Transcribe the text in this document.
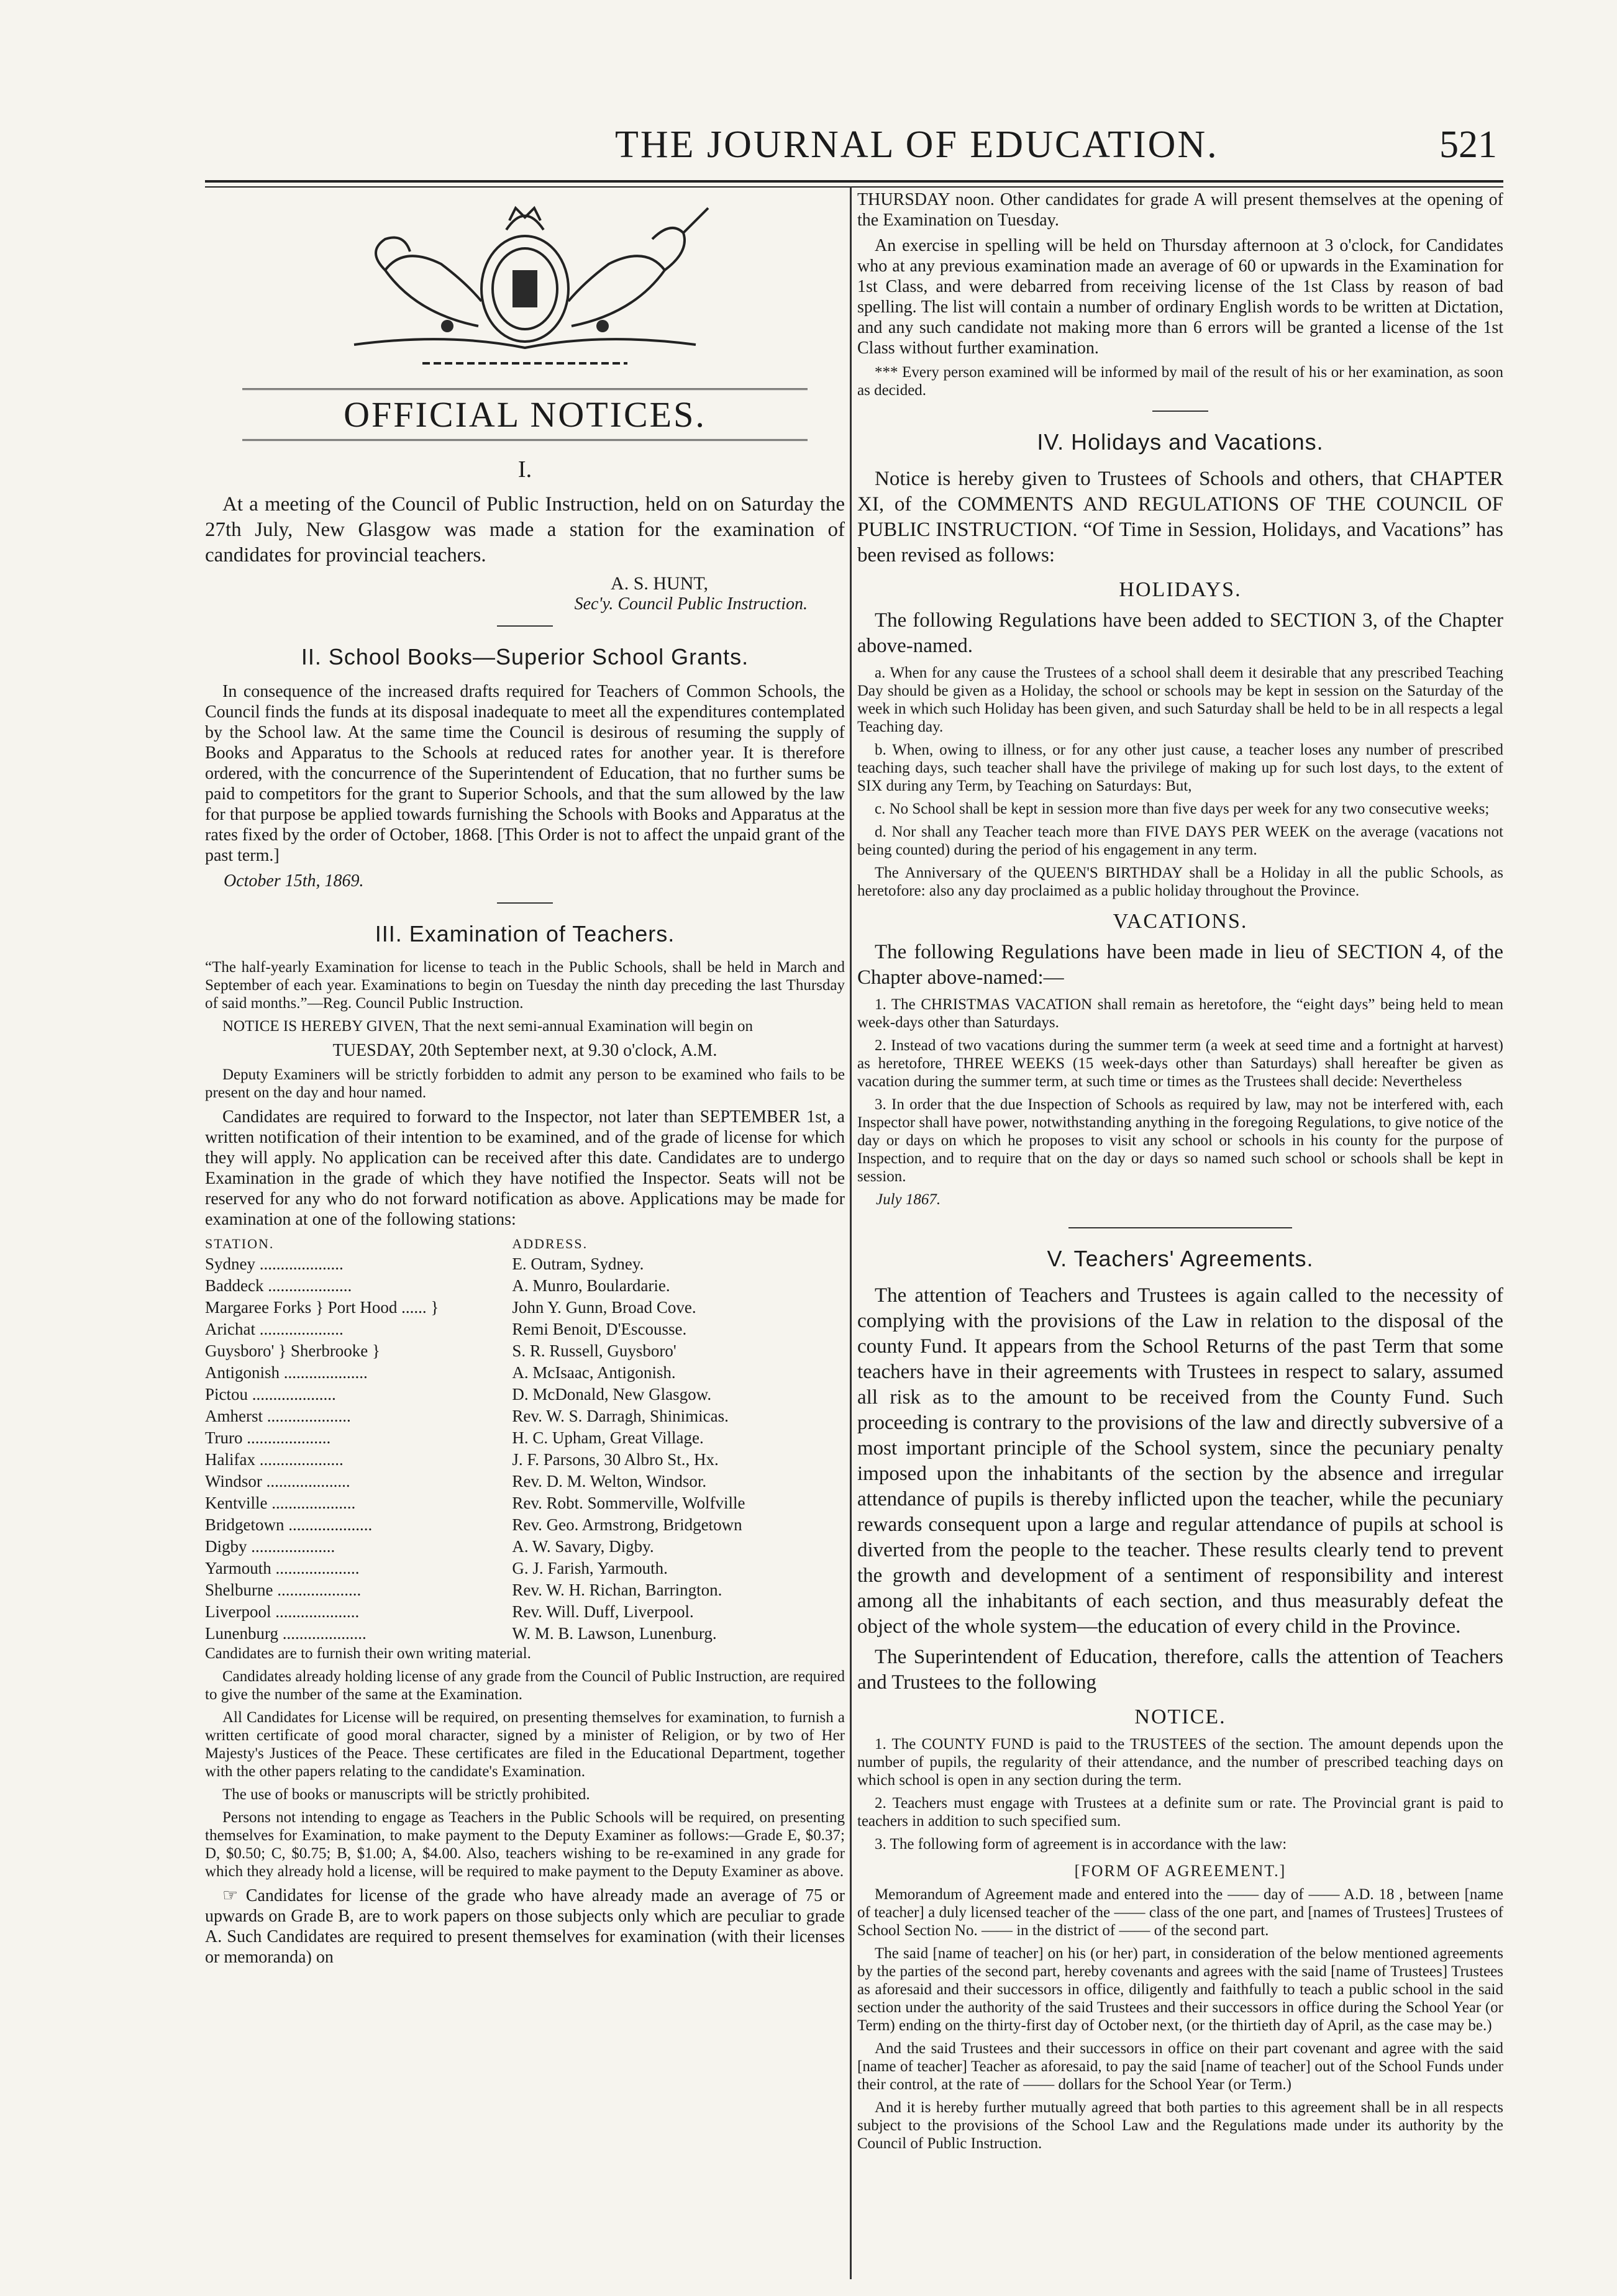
THE JOURNAL OF EDUCATION.	521
OFFICIAL NOTICES.
I.

At a meeting of the Council of Public Instruction, held on on Saturday the 27th July, New Glasgow was made a station for the examination of candidates for provincial teachers.

A. S. HUNT,
Sec'y. Council Public Instruction.
II. School Books—Superior School Grants.

In consequence of the increased drafts required for Teachers of Common Schools, the Council finds the funds at its disposal inadequate to meet all the expenditures contemplated by the School law. At the same time the Council is desirous of resuming the supply of Books and Apparatus to the Schools at reduced rates for another year. It is therefore ordered, with the concurrence of the Superintendent of Education, that no further sums be paid to competitors for the grant to Superior Schools, and that the sum allowed by the law for that purpose be applied towards furnishing the Schools with Books and Apparatus at the rates fixed by the order of October, 1868. [This Order is not to affect the unpaid grant of the past term.]

October 15th, 1869.
III. Examination of Teachers.

“The half-yearly Examination for license to teach in the Public Schools, shall be held in March and September of each year. Examinations to begin on Tuesday the ninth day preceding the last Thursday of said months.”—Reg. Council Public Instruction.

NOTICE IS HEREBY GIVEN, That the next semi-annual Examination will begin on

TUESDAY, 20th September next, at 9.30 o'clock, A.M.

Deputy Examiners will be strictly forbidden to admit any person to be examined who fails to be present on the day and hour named.

Candidates are required to forward to the Inspector, not later than SEPTEMBER 1st, a written notification of their intention to be examined, and of the grade of license for which they will apply. No application can be received after this date. Candidates are to undergo Examination in the grade of which they have notified the Inspector. Seats will not be reserved for any who do not forward notification as above. Applications may be made for examination at one of the following stations:

STATION.	ADDRESS.
Sydney ....................	E. Outram, Sydney.
Baddeck ....................	A. Munro, Boulardarie.
Margaree Forks } Port Hood ...... }	John Y. Gunn, Broad Cove.
Arichat ....................	Remi Benoit, D'Escousse.
Guysboro' } Sherbrooke }	S. R. Russell, Guysboro'
Antigonish ....................	A. McIsaac, Antigonish.
Pictou ....................	D. McDonald, New Glasgow.
Amherst ....................	Rev. W. S. Darragh, Shinimicas.
Truro ....................	H. C. Upham, Great Village.
Halifax ....................	J. F. Parsons, 30 Albro St., Hx.
Windsor ....................	Rev. D. M. Welton, Windsor.
Kentville ....................	Rev. Robt. Sommerville, Wolfville
Bridgetown ....................	Rev. Geo. Armstrong, Bridgetown
Digby ....................	A. W. Savary, Digby.
Yarmouth ....................	G. J. Farish, Yarmouth.
Shelburne ....................	Rev. W. H. Richan, Barrington.
Liverpool ....................	Rev. Will. Duff, Liverpool.
Lunenburg ....................	W. M. B. Lawson, Lunenburg.

Candidates are to furnish their own writing material.

Candidates already holding license of any grade from the Council of Public Instruction, are required to give the number of the same at the Examination.

All Candidates for License will be required, on presenting themselves for examination, to furnish a written certificate of good moral character, signed by a minister of Religion, or by two of Her Majesty's Justices of the Peace. These certificates are filed in the Educational Department, together with the other papers relating to the candidate's Examination.

The use of books or manuscripts will be strictly prohibited.

Persons not intending to engage as Teachers in the Public Schools will be required, on presenting themselves for Examination, to make payment to the Deputy Examiner as follows:—Grade E, $0.37; D, $0.50; C, $0.75; B, $1.00; A, $4.00. Also, teachers wishing to be re-examined in any grade for which they already hold a license, will be required to make payment to the Deputy Examiner as above.

☞ Candidates for license of the grade who have already made an average of 75 or upwards on Grade B, are to work papers on those subjects only which are peculiar to grade A. Such Candidates are required to present themselves for examination (with their licenses or memoranda) on

THURSDAY noon. Other candidates for grade A will present themselves at the opening of the Examination on Tuesday.

An exercise in spelling will be held on Thursday afternoon at 3 o'clock, for Candidates who at any previous examination made an average of 60 or upwards in the Examination for 1st Class, and were debarred from receiving license of the 1st Class by reason of bad spelling. The list will contain a number of ordinary English words to be written at Dictation, and any such candidate not making more than 6 errors will be granted a license of the 1st Class without further examination.

*** Every person examined will be informed by mail of the result of his or her examination, as soon as decided.

IV. Holidays and Vacations.

Notice is hereby given to Trustees of Schools and others, that CHAPTER XI, of the COMMENTS AND REGULATIONS OF THE COUNCIL OF PUBLIC INSTRUCTION. “Of Time in Session, Holidays, and Vacations” has been revised as follows:

HOLIDAYS.

The following Regulations have been added to SECTION 3, of the Chapter above-named.

a. When for any cause the Trustees of a school shall deem it desirable that any prescribed Teaching Day should be given as a Holiday, the school or schools may be kept in session on the Saturday of the week in which such Holiday has been given, and such Saturday shall be held to be in all respects a legal Teaching day.

b. When, owing to illness, or for any other just cause, a teacher loses any number of prescribed teaching days, such teacher shall have the privilege of making up for such lost days, to the extent of SIX during any Term, by Teaching on Saturdays: But,

c. No School shall be kept in session more than five days per week for any two consecutive weeks;

d. Nor shall any Teacher teach more than FIVE DAYS PER WEEK on the average (vacations not being counted) during the period of his engagement in any term.

The Anniversary of the QUEEN'S BIRTHDAY shall be a Holiday in all the public Schools, as heretofore: also any day proclaimed as a public holiday throughout the Province.

VACATIONS.

The following Regulations have been made in lieu of SECTION 4, of the Chapter above-named:—

1. The CHRISTMAS VACATION shall remain as heretofore, the “eight days” being held to mean week-days other than Saturdays.

2. Instead of two vacations during the summer term (a week at seed time and a fortnight at harvest) as heretofore, THREE WEEKS (15 week-days other than Saturdays) shall hereafter be given as vacation during the summer term, at such time or times as the Trustees shall decide: Nevertheless

3. In order that the due Inspection of Schools as required by law, may not be interfered with, each Inspector shall have power, notwithstanding anything in the foregoing Regulations, to give notice of the day or days on which he proposes to visit any school or schools in his county for the purpose of Inspection, and to require that on the day or days so named such school or schools shall be kept in session.

July 1867.
V. Teachers' Agreements.

The attention of Teachers and Trustees is again called to the necessity of complying with the provisions of the Law in relation to the disposal of the county Fund. It appears from the School Returns of the past Term that some teachers have in their agreements with Trustees in respect to salary, assumed all risk as to the amount to be received from the County Fund. Such proceeding is contrary to the provisions of the law and directly subversive of a most important principle of the School system, since the pecuniary penalty imposed upon the inhabitants of the section by the absence and irregular attendance of pupils is thereby inflicted upon the teacher, while the pecuniary rewards consequent upon a large and regular attendance of pupils at school is diverted from the people to the teacher. These results clearly tend to prevent the growth and development of a sentiment of responsibility and interest among all the inhabitants of each section, and thus measurably defeat the object of the whole system—the education of every child in the Province.

The Superintendent of Education, therefore, calls the attention of Teachers and Trustees to the following

NOTICE.

1. The COUNTY FUND is paid to the TRUSTEES of the section. The amount depends upon the number of pupils, the regularity of their attendance, and the number of prescribed teaching days on which school is open in any section during the term.

2. Teachers must engage with Trustees at a definite sum or rate. The Provincial grant is paid to teachers in addition to such specified sum.

3. The following form of agreement is in accordance with the law:

[FORM OF AGREEMENT.]

Memorandum of Agreement made and entered into the —— day of —— A.D. 18 , between [name of teacher] a duly licensed teacher of the —— class of the one part, and [names of Trustees] Trustees of School Section No. —— in the district of —— of the second part.

The said [name of teacher] on his (or her) part, in consideration of the below mentioned agreements by the parties of the second part, hereby covenants and agrees with the said [name of Trustees] Trustees as aforesaid and their successors in office, diligently and faithfully to teach a public school in the said section under the authority of the said Trustees and their successors in office during the School Year (or Term) ending on the thirty-first day of October next, (or the thirtieth day of April, as the case may be.)

And the said Trustees and their successors in office on their part covenant and agree with the said [name of teacher] Teacher as aforesaid, to pay the said [name of teacher] out of the School Funds under their control, at the rate of —— dollars for the School Year (or Term.)

And it is hereby further mutually agreed that both parties to this agreement shall be in all respects subject to the provisions of the School Law and the Regulations made under its authority by the Council of Public Instruction.
